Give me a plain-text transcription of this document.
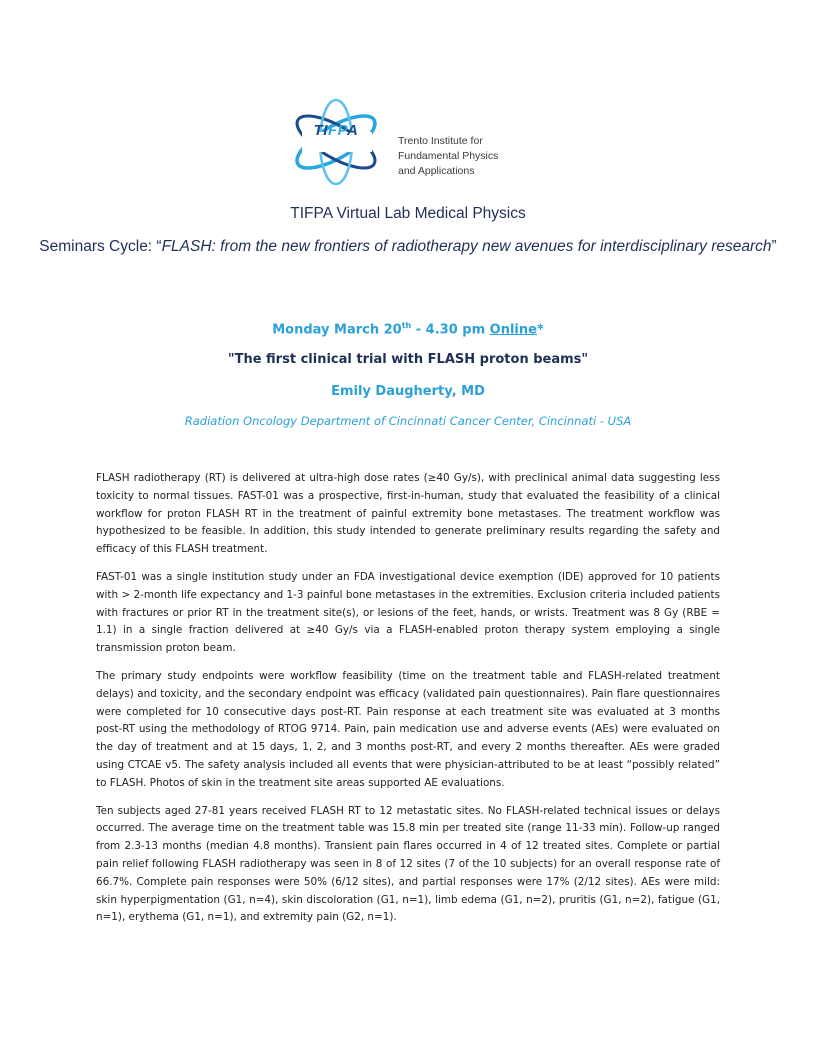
TIFPA
Trento Institute for
Fundamental Physics
and Applications
TIFPA Virtual Lab Medical Physics
Seminars Cycle: “FLASH: from the new frontiers of radiotherapy new avenues for interdisciplinary research”
Monday March 20th - 4.30 pm Online*
"The first clinical trial with FLASH proton beams"
Emily Daugherty, MD
Radiation Oncology Department of Cincinnati Cancer Center, Cincinnati - USA

FLASH radiotherapy (RT) is delivered at ultra-high dose rates (≥40 Gy/s), with preclinical animal data suggesting less toxicity to normal tissues. FAST-01 was a prospective, first-in-human, study that evaluated the feasibility of a clinical workflow for proton FLASH RT in the treatment of painful extremity bone metastases. The treatment workflow was hypothesized to be feasible. In addition, this study intended to generate preliminary results regarding the safety and efficacy of this FLASH treatment.

FAST-01 was a single institution study under an FDA investigational device exemption (IDE) approved for 10 patients with > 2-month life expectancy and 1-3 painful bone metastases in the extremities. Exclusion criteria included patients with fractures or prior RT in the treatment site(s), or lesions of the feet, hands, or wrists. Treatment was 8 Gy (RBE = 1.1) in a single fraction delivered at ≥40 Gy/s via a FLASH-enabled proton therapy system employing a single transmission proton beam.

The primary study endpoints were workflow feasibility (time on the treatment table and FLASH-related treatment delays) and toxicity, and the secondary endpoint was efficacy (validated pain questionnaires). Pain flare questionnaires were completed for 10 consecutive days post-RT. Pain response at each treatment site was evaluated at 3 months post-RT using the methodology of RTOG 9714. Pain, pain medication use and adverse events (AEs) were evaluated on the day of treatment and at 15 days, 1, 2, and 3 months post-RT, and every 2 months thereafter. AEs were graded using CTCAE v5. The safety analysis included all events that were physician-attributed to be at least “possibly related” to FLASH. Photos of skin in the treatment site areas supported AE evaluations.

Ten subjects aged 27-81 years received FLASH RT to 12 metastatic sites. No FLASH-related technical issues or delays occurred. The average time on the treatment table was 15.8 min per treated site (range 11-33 min). Follow-up ranged from 2.3-13 months (median 4.8 months). Transient pain flares occurred in 4 of 12 treated sites. Complete or partial pain relief following FLASH radiotherapy was seen in 8 of 12 sites (7 of the 10 subjects) for an overall response rate of 66.7%. Complete pain responses were 50% (6/12 sites), and partial responses were 17% (2/12 sites). AEs were mild: skin hyperpigmentation (G1, n=4), skin discoloration (G1, n=1), limb edema (G1, n=2), pruritis (G1, n=2), fatigue (G1, n=1), erythema (G1, n=1), and extremity pain (G2, n=1).
